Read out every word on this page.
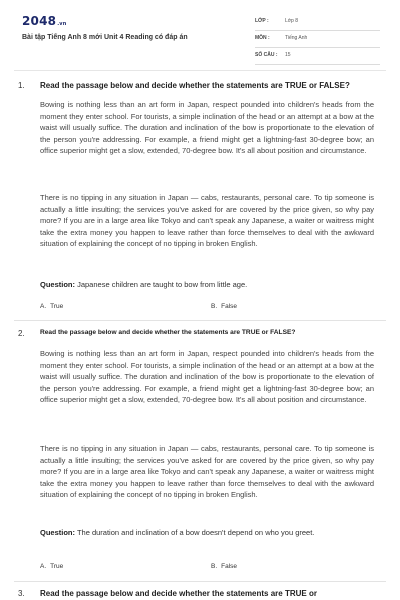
2048.vn
Bài tập Tiếng Anh 8 mới Unit 4 Reading có đáp án
LỚP :	Lớp 8
MÔN :	Tiếng Anh
SỐ CÂU : 15
1. Read the passage below and decide whether the statements are TRUE or FALSE?

Bowing is nothing less than an art form in Japan, respect pounded into children's heads from the moment they enter school. For tourists, a simple inclination of the head or an attempt at a bow at the waist will usually suffice. The duration and inclination of the bow is proportionate to the elevation of the person you're addressing. For example, a friend might get a lightning-fast 30-degree bow; an office superior might get a slow, extended, 70-degree bow. It's all about position and circumstance.

There is no tipping in any situation in Japan — cabs, restaurants, personal care. To tip someone is actually a little insulting; the services you've asked for are covered by the price given, so why pay more? If you are in a large area like Tokyo and can't speak any Japanese, a waiter or waitress might take the extra money you happen to leave rather than force themselves to deal with the awkward situation of explaining the concept of no tipping in broken English.

Question: Japanese children are taught to bow from little age.
A. True	B. False
2. Read the passage below and decide whether the statements are TRUE or FALSE?

Bowing is nothing less than an art form in Japan, respect pounded into children's heads from the moment they enter school. For tourists, a simple inclination of the head or an attempt at a bow at the waist will usually suffice. The duration and inclination of the bow is proportionate to the elevation of the person you're addressing. For example, a friend might get a lightning-fast 30-degree bow; an office superior might get a slow, extended, 70-degree bow. It's all about position and circumstance.

There is no tipping in any situation in Japan — cabs, restaurants, personal care. To tip someone is actually a little insulting; the services you've asked for are covered by the price given, so why pay more? If you are in a large area like Tokyo and can't speak any Japanese, a waiter or waitress might take the extra money you happen to leave rather than force themselves to deal with the awkward situation of explaining the concept of no tipping in broken English.

Question: The duration and inclination of a bow doesn't depend on who you greet.
A. True	B. False
3. Read the passage below and decide whether the statements are TRUE or
